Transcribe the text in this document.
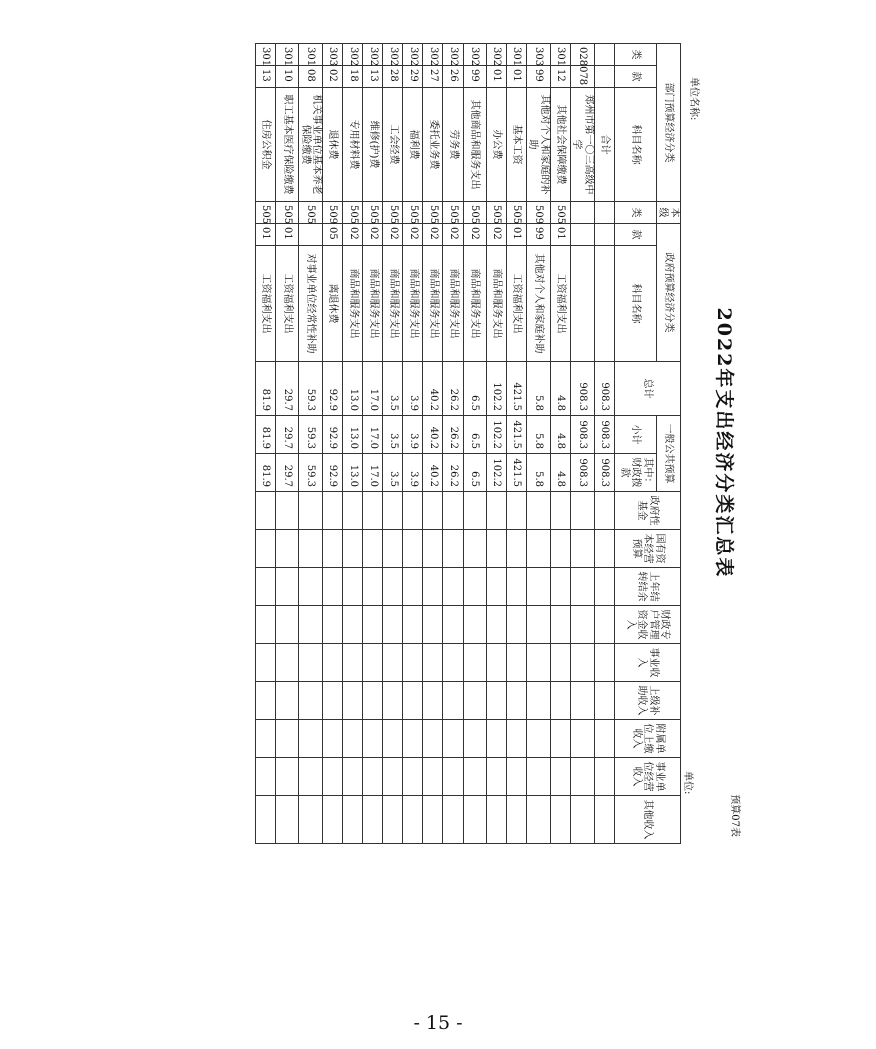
预算07表
2022年支出经济分类汇总表
单位名称:
单位:
部门预算经济分类			本级	政府预算经济分类		总计	一般公共预算		政府性基金	国有资本经营预算	上年结转结余	财政专户管理资金收入	事业收入	上级补助收入	附属单位上缴收入	事业单位经营收入	其他收入
类	款	科目名称	类	款	科目名称		小计	其中：财政拨款									

		合计				908.3	908.3	908.3									
028078		郑州市第一〇三高级中学				908.3	908.3	908.3									
301	12	其他社会保障缴费	505	01	工资福利支出	4.8	4.8	4.8									
303	99	其他对个人和家庭的补助	509	99	其他对个人和家庭补助	5.8	5.8	5.8									
301	01	基本工资	505	01	工资福利支出	421.5	421.5	421.5									
302	01	办公费	505	02	商品和服务支出	102.2	102.2	102.2									
302	99	其他商品和服务支出	505	02	商品和服务支出	6.5	6.5	6.5									
302	26	劳务费	505	02	商品和服务支出	26.2	26.2	26.2									
302	27	委托业务费	505	02	商品和服务支出	40.2	40.2	40.2									
302	29	福利费	505	02	商品和服务支出	3.9	3.9	3.9									
302	28	工会经费	505	02	商品和服务支出	3.5	3.5	3.5									
302	13	维修(护)费	505	02	商品和服务支出	17.0	17.0	17.0									
302	18	专用材料费	505	02	商品和服务支出	13.0	13.0	13.0									
303	02	退休费	509	05	离退休费	92.9	92.9	92.9									
301	08	机关事业单位基本养老保险缴费	505		对事业单位经常性补助	59.3	59.3	59.3									
301	10	职工基本医疗保险缴费	505	01	工资福利支出	29.7	29.7	29.7									
301	13	住房公积金	505	01	工资福利支出	81.9	81.9	81.9									
- 15 -
